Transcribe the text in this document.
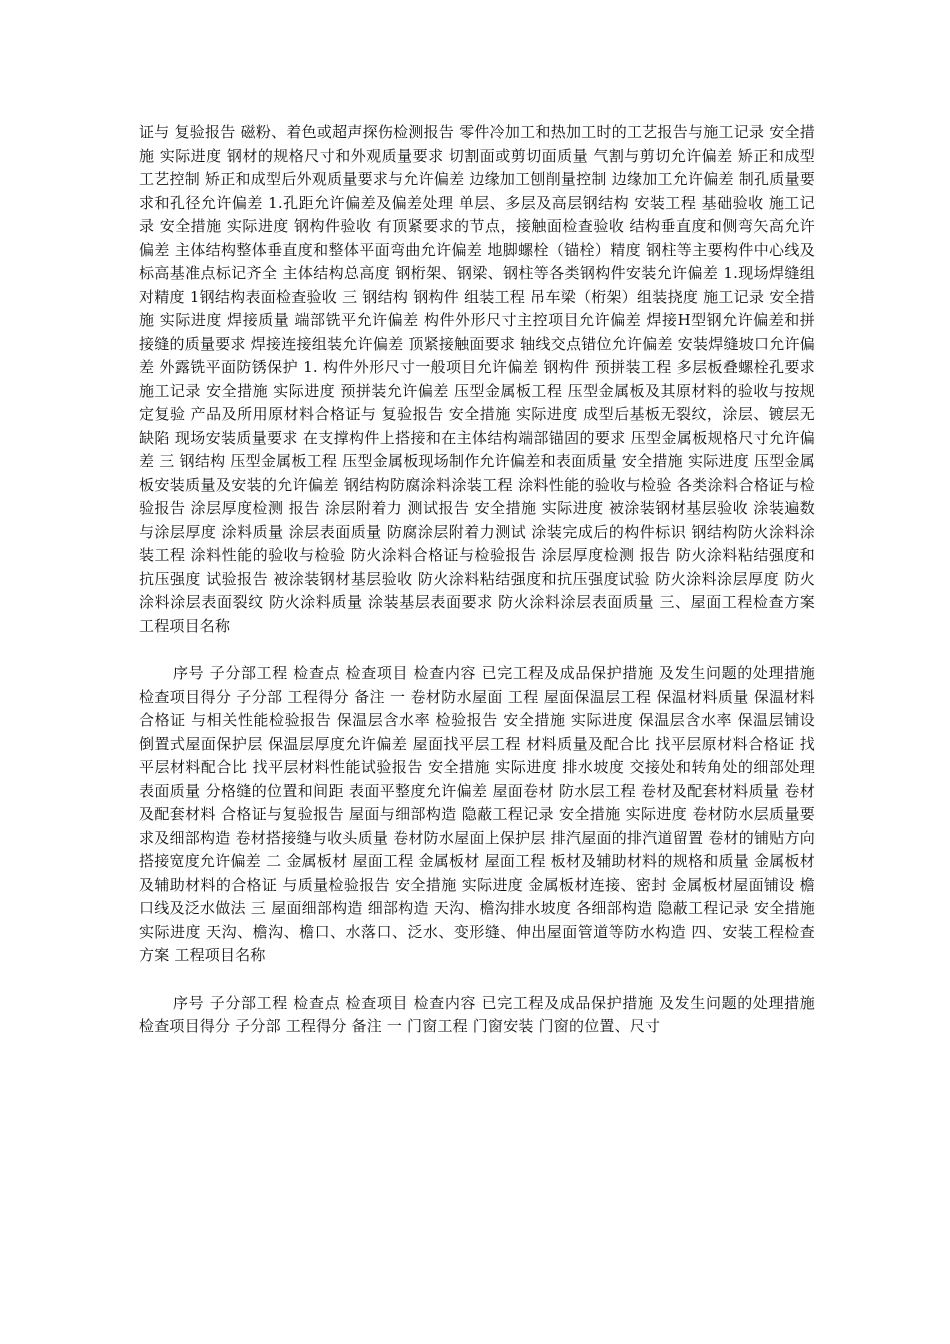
证与 复验报告 磁粉、着色或超声探伤检测报告 零件冷加工和热加工时的工艺报告与施工记录 安全措施 实际进度 钢材的规格尺寸和外观质量要求 切割面或剪切面质量 气割与剪切允许偏差 矫正和成型工艺控制 矫正和成型后外观质量要求与允许偏差 边缘加工刨削量控制 边缘加工允许偏差 制孔质量要求和孔径允许偏差 1.孔距允许偏差及偏差处理 单层、多层及高层钢结构 安装工程 基础验收 施工记录 安全措施 实际进度 钢构件验收 有顶紧要求的节点，接触面检查验收 结构垂直度和侧弯矢高允许偏差 主体结构整体垂直度和整体平面弯曲允许偏差 地脚螺栓（锚栓）精度 钢柱等主要构件中心线及标高基准点标记齐全 主体结构总高度 钢桁架、钢梁、钢柱等各类钢构件安装允许偏差 1.现场焊缝组对精度 1钢结构表面检查验收 三 钢结构 钢构件 组装工程 吊车梁（桁架）组装挠度 施工记录 安全措施 实际进度 焊接质量 端部铣平允许偏差 构件外形尺寸主控项目允许偏差 焊接H型钢允许偏差和拼接缝的质量要求 焊接连接组装允许偏差 顶紧接触面要求 轴线交点错位允许偏差 安装焊缝坡口允许偏差 外露铣平面防锈保护 1. 构件外形尺寸一般项目允许偏差 钢构件 预拼装工程 多层板叠螺栓孔要求 施工记录 安全措施 实际进度 预拼装允许偏差 压型金属板工程 压型金属板及其原材料的验收与按规定复验 产品及所用原材料合格证与 复验报告 安全措施 实际进度 成型后基板无裂纹，涂层、镀层无缺陷 现场安装质量要求 在支撑构件上搭接和在主体结构端部锚固的要求 压型金属板规格尺寸允许偏差 三 钢结构 压型金属板工程 压型金属板现场制作允许偏差和表面质量 安全措施 实际进度 压型金属板安装质量及安装的允许偏差 钢结构防腐涂料涂装工程 涂料性能的验收与检验 各类涂料合格证与检验报告 涂层厚度检测 报告 涂层附着力 测试报告 安全措施 实际进度 被涂装钢材基层验收 涂装遍数与涂层厚度 涂料质量 涂层表面质量 防腐涂层附着力测试 涂装完成后的构件标识 钢结构防火涂料涂装工程 涂料性能的验收与检验 防火涂料合格证与检验报告 涂层厚度检测 报告 防火涂料粘结强度和抗压强度 试验报告 被涂装钢材基层验收 防火涂料粘结强度和抗压强度试验 防火涂料涂层厚度 防火涂料涂层表面裂纹 防火涂料质量 涂装基层表面要求 防火涂料涂层表面质量 三、屋面工程检查方案 工程项目名称

序号 子分部工程 检查点 检查项目 检查内容 已完工程及成品保护措施 及发生问题的处理措施 检查项目得分 子分部 工程得分 备注 一 卷材防水屋面 工程 屋面保温层工程 保温材料质量 保温材料合格证 与相关性能检验报告 保温层含水率 检验报告 安全措施 实际进度 保温层含水率 保温层铺设 倒置式屋面保护层 保温层厚度允许偏差 屋面找平层工程 材料质量及配合比 找平层原材料合格证 找平层材料配合比 找平层材料性能试验报告 安全措施 实际进度 排水坡度 交接处和转角处的细部处理 表面质量 分格缝的位置和间距 表面平整度允许偏差 屋面卷材 防水层工程 卷材及配套材料质量 卷材及配套材料 合格证与复验报告 屋面与细部构造 隐蔽工程记录 安全措施 实际进度 卷材防水层质量要求及细部构造 卷材搭接缝与收头质量 卷材防水屋面上保护层 排汽屋面的排汽道留置 卷材的铺贴方向 搭接宽度允许偏差 二 金属板材 屋面工程 金属板材 屋面工程 板材及辅助材料的规格和质量 金属板材及辅助材料的合格证 与质量检验报告 安全措施 实际进度 金属板材连接、密封 金属板材屋面铺设 檐口线及泛水做法 三 屋面细部构造 细部构造 天沟、檐沟排水坡度 各细部构造 隐蔽工程记录 安全措施 实际进度 天沟、檐沟、檐口、水落口、泛水、变形缝、伸出屋面管道等防水构造 四、安装工程检查方案 工程项目名称

序号 子分部工程 检查点 检查项目 检查内容 已完工程及成品保护措施 及发生问题的处理措施 检查项目得分 子分部 工程得分 备注 一 门窗工程 门窗安装 门窗的位置、尺寸
